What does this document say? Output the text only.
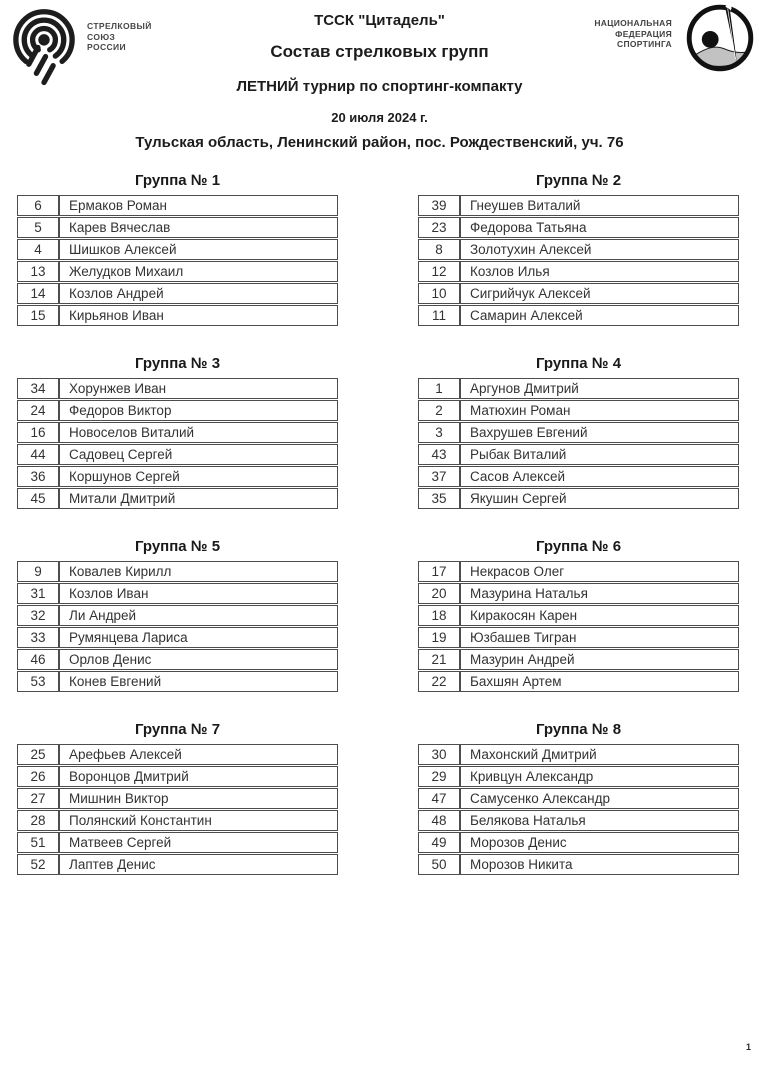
СТРЕЛКОВЫЙ
СОЮЗ
РОССИИ
НАЦИОНАЛЬНАЯ
ФЕДЕРАЦИЯ
СПОРТИНГА
ТССК "Цитадель"
Состав стрелковых групп
ЛЕТНИЙ турнир по спортинг-компакту
20 июля 2024 г.
Тульская область, Ленинский район, пос. Рождественский, уч. 76
Группа № 1
6	Ермаков Роман
5	Карев Вячеслав
4	Шишков Алексей
13	Желудков Михаил
14	Козлов Андрей
15	Кирьянов Иван
Группа № 2
39	Гнеушев Виталий
23	Федорова Татьяна
8	Золотухин Алексей
12	Козлов Илья
10	Сигрийчук Алексей
11	Самарин Алексей
Группа № 3
34	Хорунжев Иван
24	Федоров Виктор
16	Новоселов Виталий
44	Садовец Сергей
36	Коршунов Сергей
45	Митали Дмитрий
Группа № 4
1	Аргунов Дмитрий
2	Матюхин Роман
3	Вахрушев Евгений
43	Рыбак Виталий
37	Сасов Алексей
35	Якушин Сергей
Группа № 5
9	Ковалев Кирилл
31	Козлов Иван
32	Ли Андрей
33	Румянцева Лариса
46	Орлов Денис
53	Конев Евгений
Группа № 6
17	Некрасов Олег
20	Мазурина Наталья
18	Киракосян Карен
19	Юзбашев Тигран
21	Мазурин Андрей
22	Бахшян Артем
Группа № 7
25	Арефьев Алексей
26	Воронцов Дмитрий
27	Мишнин Виктор
28	Полянский Константин
51	Матвеев Сергей
52	Лаптев Денис
Группа № 8
30	Махонский Дмитрий
29	Кривцун Александр
47	Самусенко Александр
48	Белякова Наталья
49	Морозов Денис
50	Морозов Никита
1
